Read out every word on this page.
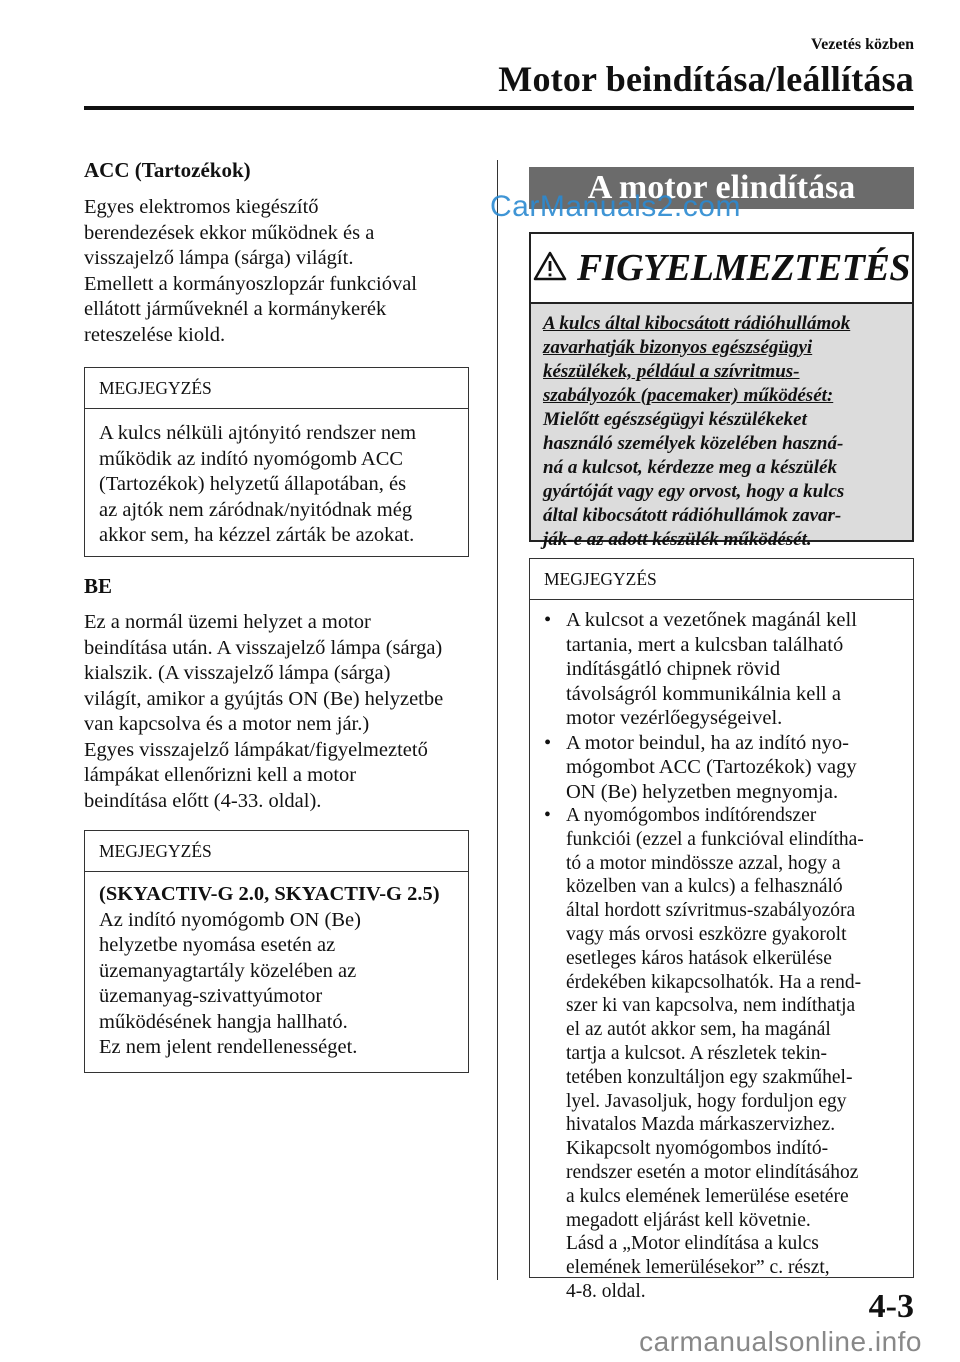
Vezetés közben
Motor beindítása/leállítása
ACC (Tartozékok)
Egyes elektromos kiegészítő
berendezések ekkor működnek és a
visszajelző lámpa (sárga) világít.
Emellett a kormányoszlopzár funkcióval
ellátott járműveknél a kormánykerék
reteszelése kiold.
MEGJEGYZÉS
A kulcs nélküli ajtónyitó rendszer nem
működik az indító nyomógomb ACC
(Tartozékok) helyzetű állapotában, és
az ajtók nem záródnak/nyitódnak még
akkor sem, ha kézzel zárták be azokat.
BE
Ez a normál üzemi helyzet a motor
beindítása után. A visszajelző lámpa (sárga)
kialszik. (A visszajelző lámpa (sárga)
világít, amikor a gyújtás ON (Be) helyzetbe
van kapcsolva és a motor nem jár.)
Egyes visszajelző lámpákat/figyelmeztető
lámpákat ellenőrizni kell a motor
beindítása előtt (4-33. oldal).
MEGJEGYZÉS
(SKYACTIV-G 2.0, SKYACTIV-G 2.5)
Az indító nyomógomb ON (Be)
helyzetbe nyomása esetén az
üzemanyagtartály közelében az
üzemanyag-szivattyúmotor
működésének hangja hallható.
Ez nem jelent rendellenességet.
A motor elindítása
CarManuals2.com
FIGYELMEZTETÉS
A kulcs által kibocsátott rádióhullámok
zavarhatják bizonyos egészségügyi
készülékek, például a szívritmus-
szabályozók (pacemaker) működését:
Mielőtt egészségügyi készülékeket
használó személyek közelében haszná-
ná a kulcsot, kérdezze meg a készülék
gyártóját vagy egy orvost, hogy a kulcs
által kibocsátott rádióhullámok zavar-
ják-e az adott készülék működését.
MEGJEGYZÉS
• A kulcsot a vezetőnek magánál kell
tartania, mert a kulcsban található
indításgátló chipnek rövid
távolságról kommunikálnia kell a
motor vezérlőegységeivel.
• A motor beindul, ha az indító nyo-
mógombot ACC (Tartozékok) vagy
ON (Be) helyzetben megnyomja.
• A nyomógombos indítórendszer
funkciói (ezzel a funkcióval elindítha-
tó a motor mindössze azzal, hogy a
közelben van a kulcs) a felhasználó
által hordott szívritmus-szabályozóra
vagy más orvosi eszközre gyakorolt
esetleges káros hatások elkerülése
érdekében kikapcsolhatók. Ha a rend-
szer ki van kapcsolva, nem indíthatja
el az autót akkor sem, ha magánál
tartja a kulcsot. A részletek tekin-
tetében konzultáljon egy szakműhel-
lyel. Javasoljuk, hogy forduljon egy
hivatalos Mazda márkaszervizhez.
Kikapcsolt nyomógombos indító-
rendszer esetén a motor elindításához
a kulcs elemének lemerülése esetére
megadott eljárást kell követnie.
Lásd a „Motor elindítása a kulcs
elemének lemerülésekor” c. részt,
4-8. oldal.	4-3
carmanualsonline.info
